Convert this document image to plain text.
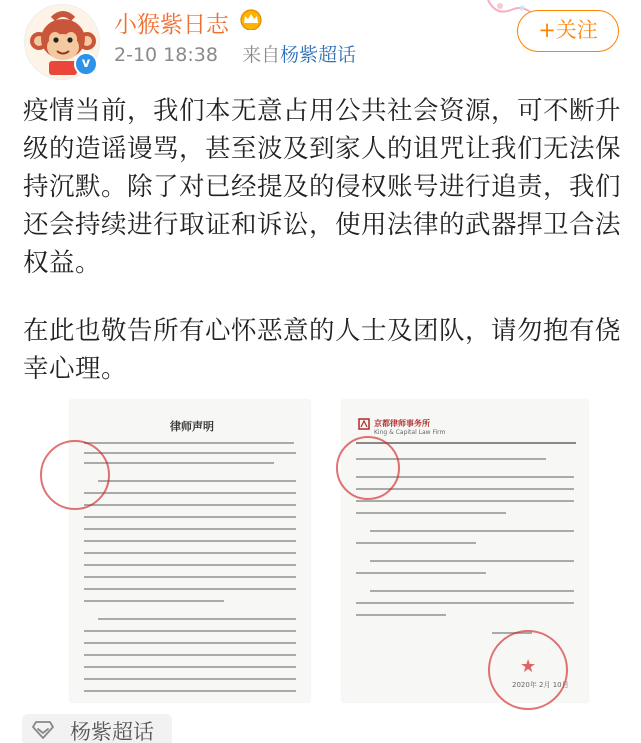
v
小猴紫日志
2-10 18:38 来自杨紫超话
+关注
疫情当前，我们本无意占用公共社会资源，可不断升级的造谣谩骂，甚至波及到家人的诅咒让我们无法保持沉默。除了对已经提及的侵权账号进行追责，我们还会持续进行取证和诉讼，使用法律的武器捍卫合法权益。
在此也敬告所有心怀恶意的人士及团队，请勿抱有侥幸心理。
律师声明	京都律师事务所
King & Capital Law Firm
★
2020年 2月 10日
杨紫超话
